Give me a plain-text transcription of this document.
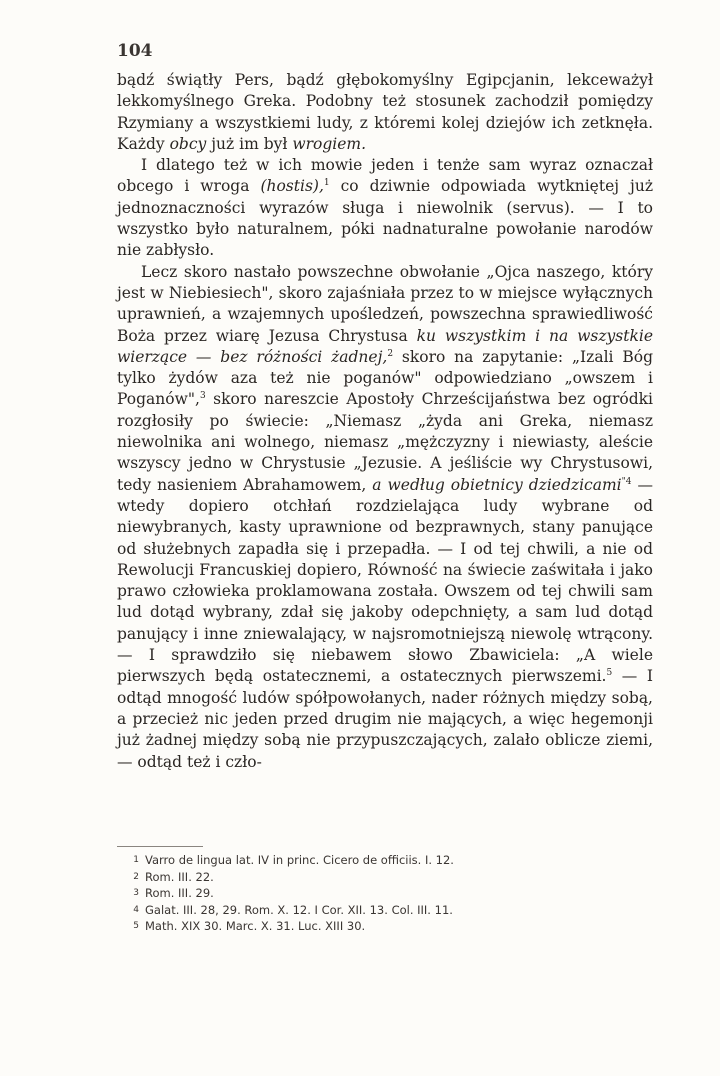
104

bądź świątły Pers, bądź głębokomyślny Egipcjanin, lekceważył lekkomyślnego Greka. Podobny też stosunek zachodził pomiędzy Rzymiany a wszystkiemi ludy, z któremi kolej dziejów ich zetknęła. Każdy obcy już im był wrogiem.

I dlatego też w ich mowie jeden i tenże sam wyraz oznaczał obcego i wroga (hostis),$^1$ co dziwnie odpowiada wytkniętej już jednoznaczności wyrazów sługa i niewolnik (servus). — I to wszystko było naturalnem, póki nadnaturalne powołanie narodów nie zabłysło.

Lecz skoro nastało powszechne obwołanie „Ojca naszego, który jest w Niebiesiech", skoro zajaśniała przez to w miejsce wyłącznych uprawnień, a wzajemnych upośledzeń, powszechna sprawiedliwość Boża przez wiarę Jezusa Chrystusa ku wszystkim i na wszystkie wierzące — bez różności żadnej,$^2$ skoro na zapytanie: „Izali Bóg tylko żydów aza też nie poganów" odpowiedziano „owszem i Poganów",$^3$ skoro nareszcie Apostoły Chrześcijaństwa bez ogródki rozgłosiły po świecie: „Niemasz „żyda ani Greka, niemasz niewolnika ani wolnego, niemasz „mężczyzny i niewiasty, aleście wszyscy jedno w Chrystusie „Jezusie. A jeśliście wy Chrystusowi, tedy nasieniem Abrahamowem, a według obietnicy dziedzicami$^{"4}$ — wtedy dopiero otchłań rozdzielająca ludy wybrane od niewybranych, kasty uprawnione od bezprawnych, stany panujące od służebnych zapadła się i przepadła. — I od tej chwili, a nie od Rewolucji Francuskiej dopiero, Równość na świecie zaświtała i jako prawo człowieka proklamowana została. Owszem od tej chwili sam lud dotąd wybrany, zdał się jakoby odepchnięty, a sam lud dotąd panujący i inne zniewalający, w najsromotniejszą niewolę wtrącony. — I sprawdziło się niebawem słowo Zbawiciela: „A wiele pierwszych będą ostatecznemi, a ostatecznych pierwszemi.$^5$ — I odtąd mnogość ludów spółpowołanych, nader różnych między sobą, a przecież nic jeden przed drugim nie mających, a więc hegemonji już żadnej między sobą nie przypuszczających, zalało oblicze ziemi, — odtąd też i czło-

1 Varro de lingua lat. IV in princ. Cicero de officiis. I. 12.
2 Rom. III. 22.
3 Rom. III. 29.
4 Galat. III. 28, 29. Rom. X. 12. I Cor. XII. 13. Col. III. 11.
5 Math. XIX 30. Marc. X. 31. Luc. XIII 30.
